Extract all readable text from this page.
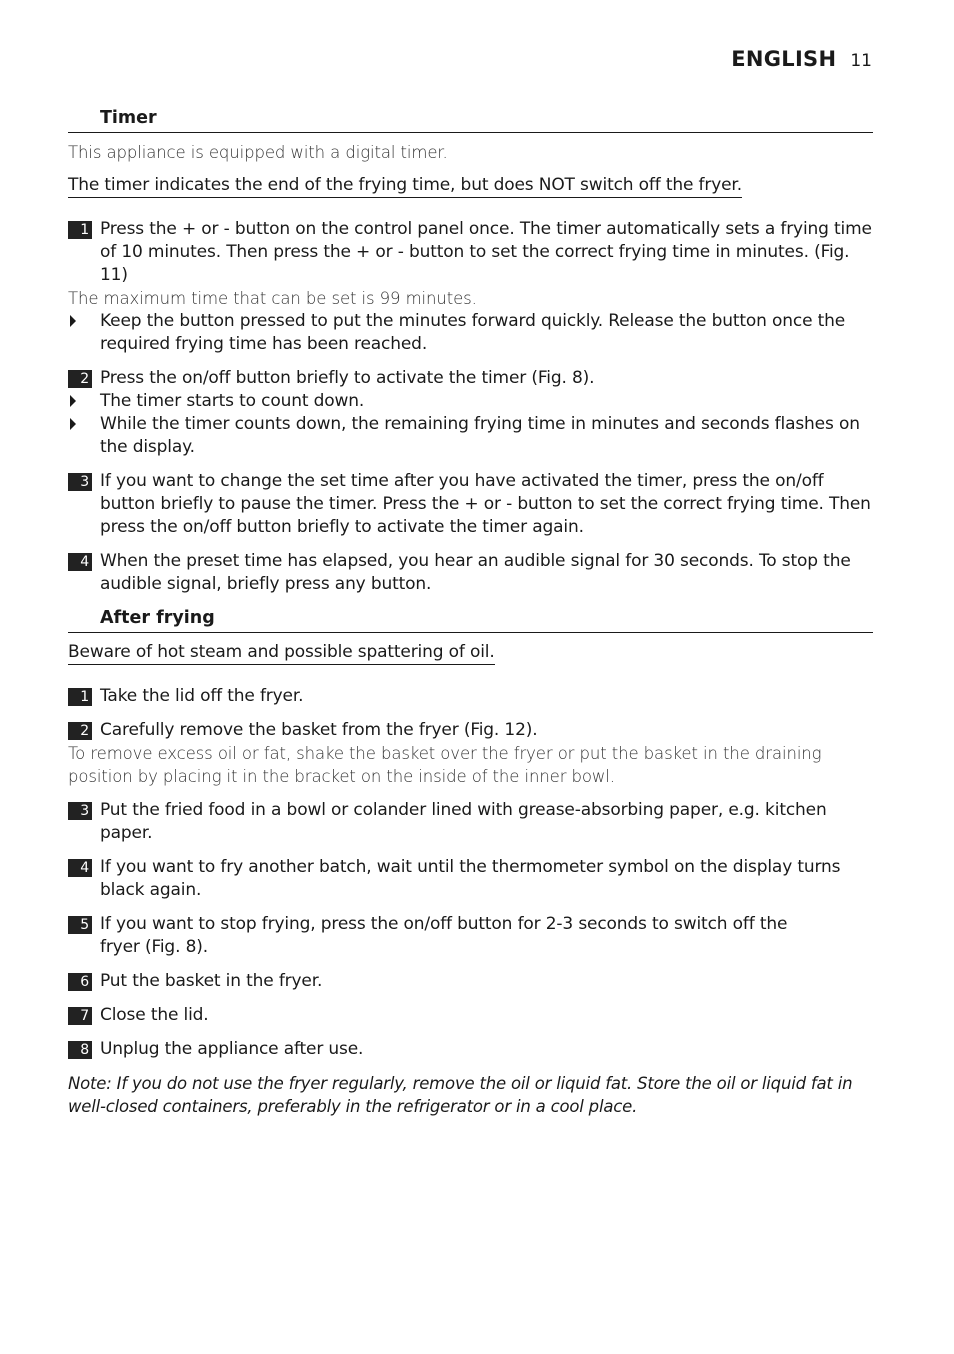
ENGLISH 11
Timer
This appliance is equipped with a digital timer.
The timer indicates the end of the frying time, but does NOT switch off the fryer.
1 Press the + or - button on the control panel once. The timer automatically sets a frying time of 10 minutes. Then press the + or - button to set the correct frying time in minutes. (Fig. 11)
The maximum time that can be set is 99 minutes.
Keep the button pressed to put the minutes forward quickly. Release the button once the required frying time has been reached.
2 Press the on/off button briefly to activate the timer (Fig. 8).
The timer starts to count down.
While the timer counts down, the remaining frying time in minutes and seconds flashes on the display.
3 If you want to change the set time after you have activated the timer, press the on/off button briefly to pause the timer. Press the + or - button to set the correct frying time. Then press the on/off button briefly to activate the timer again.
4 When the preset time has elapsed, you hear an audible signal for 30 seconds. To stop the audible signal, briefly press any button.
After frying
Beware of hot steam and possible spattering of oil.
1 Take the lid off the fryer.
2 Carefully remove the basket from the fryer (Fig. 12).
To remove excess oil or fat, shake the basket over the fryer or put the basket in the draining position by placing it in the bracket on the inside of the inner bowl.
3 Put the fried food in a bowl or colander lined with grease-absorbing paper, e.g. kitchen paper.
4 If you want to fry another batch, wait until the thermometer symbol on the display turns black again.
5 If you want to stop frying, press the on/off button for 2-3 seconds to switch off the fryer (Fig. 8).
6 Put the basket in the fryer.
7 Close the lid.
8 Unplug the appliance after use.
Note: If you do not use the fryer regularly, remove the oil or liquid fat. Store the oil or liquid fat in well-closed containers, preferably in the refrigerator or in a cool place.
